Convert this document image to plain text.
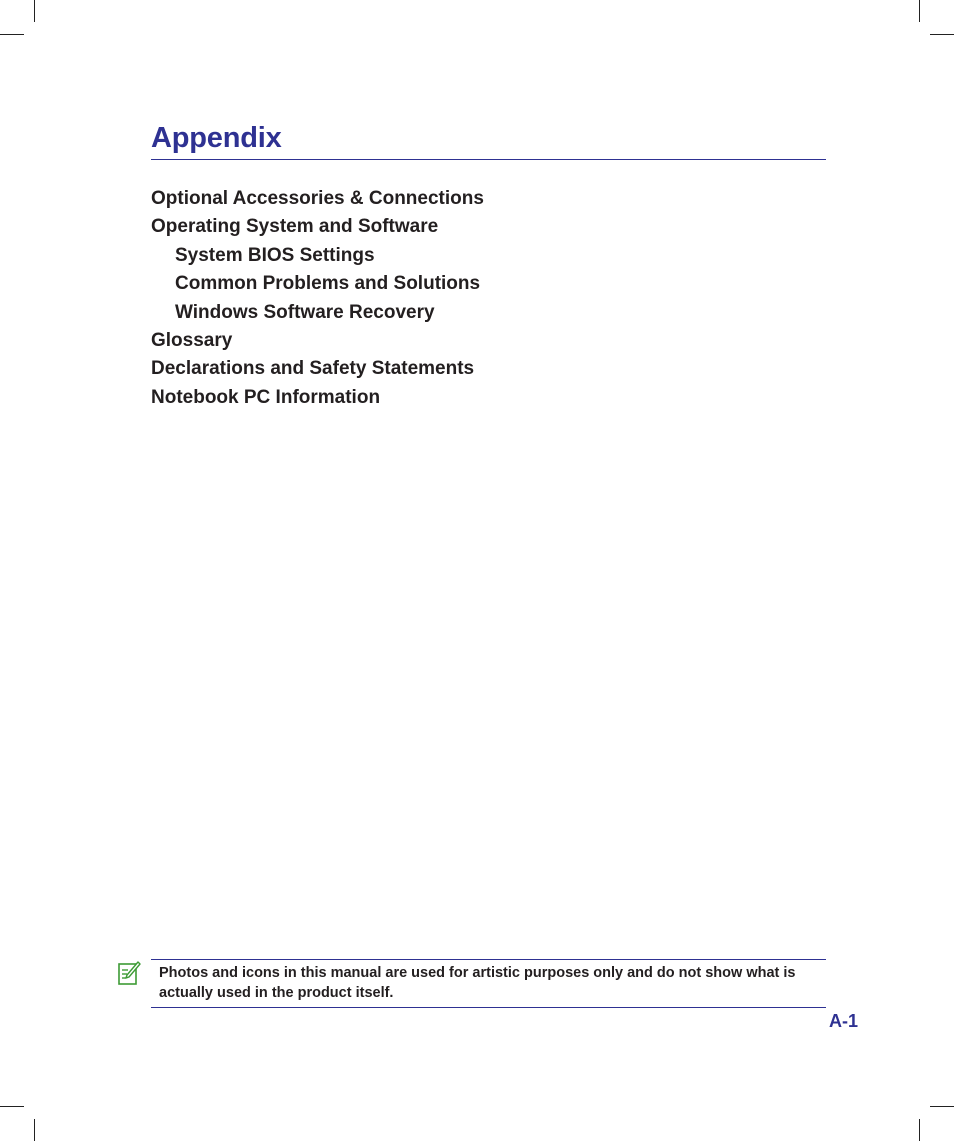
Appendix
Optional Accessories & Connections
Operating System and Software
System BIOS Settings
Common Problems and Solutions
Windows Software Recovery
Glossary
Declarations and Safety Statements
Notebook PC Information
Photos and icons in this manual are used for artistic purposes only and do not show what is actually used in the product itself.
A-1
